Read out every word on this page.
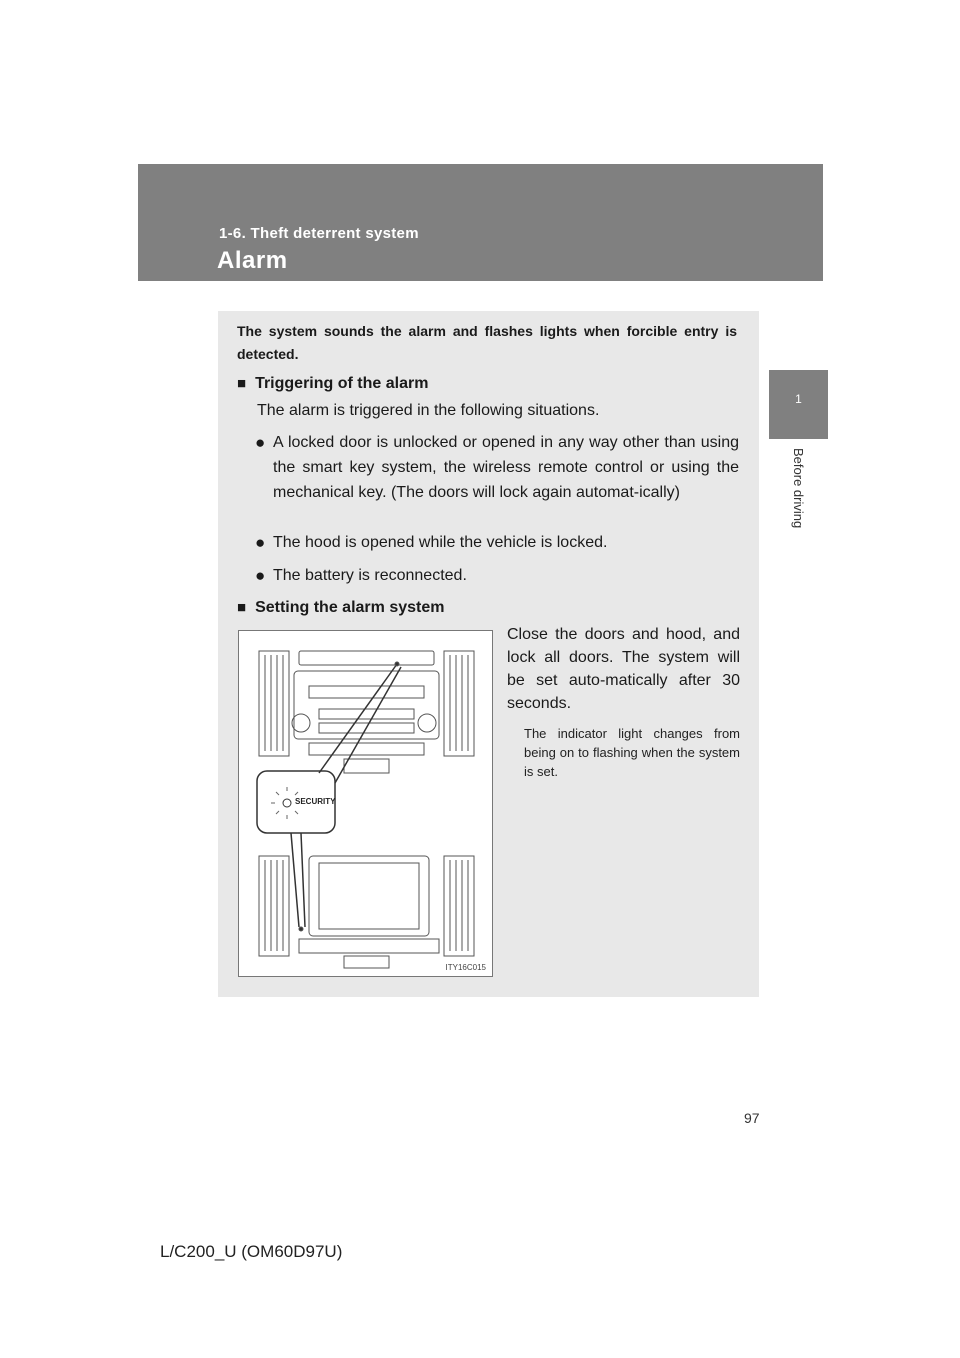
1-6. Theft deterrent system
Alarm
1
Before driving
The system sounds the alarm and flashes lights when forcible entry is detected.
■ Triggering of the alarm
The alarm is triggered in the following situations.
● A locked door is unlocked or opened in any way other than using the smart key system, the wireless remote control or using the mechanical key. (The doors will lock again automat-ically)
● The hood is opened while the vehicle is locked.
● The battery is reconnected.
■ Setting the alarm system
SECURITY
ITY16C015
Close the doors and hood, and lock all doors. The system will be set auto-matically after 30 seconds.
The indicator light changes from being on to flashing when the system is set.
97
L/C200_U (OM60D97U)
